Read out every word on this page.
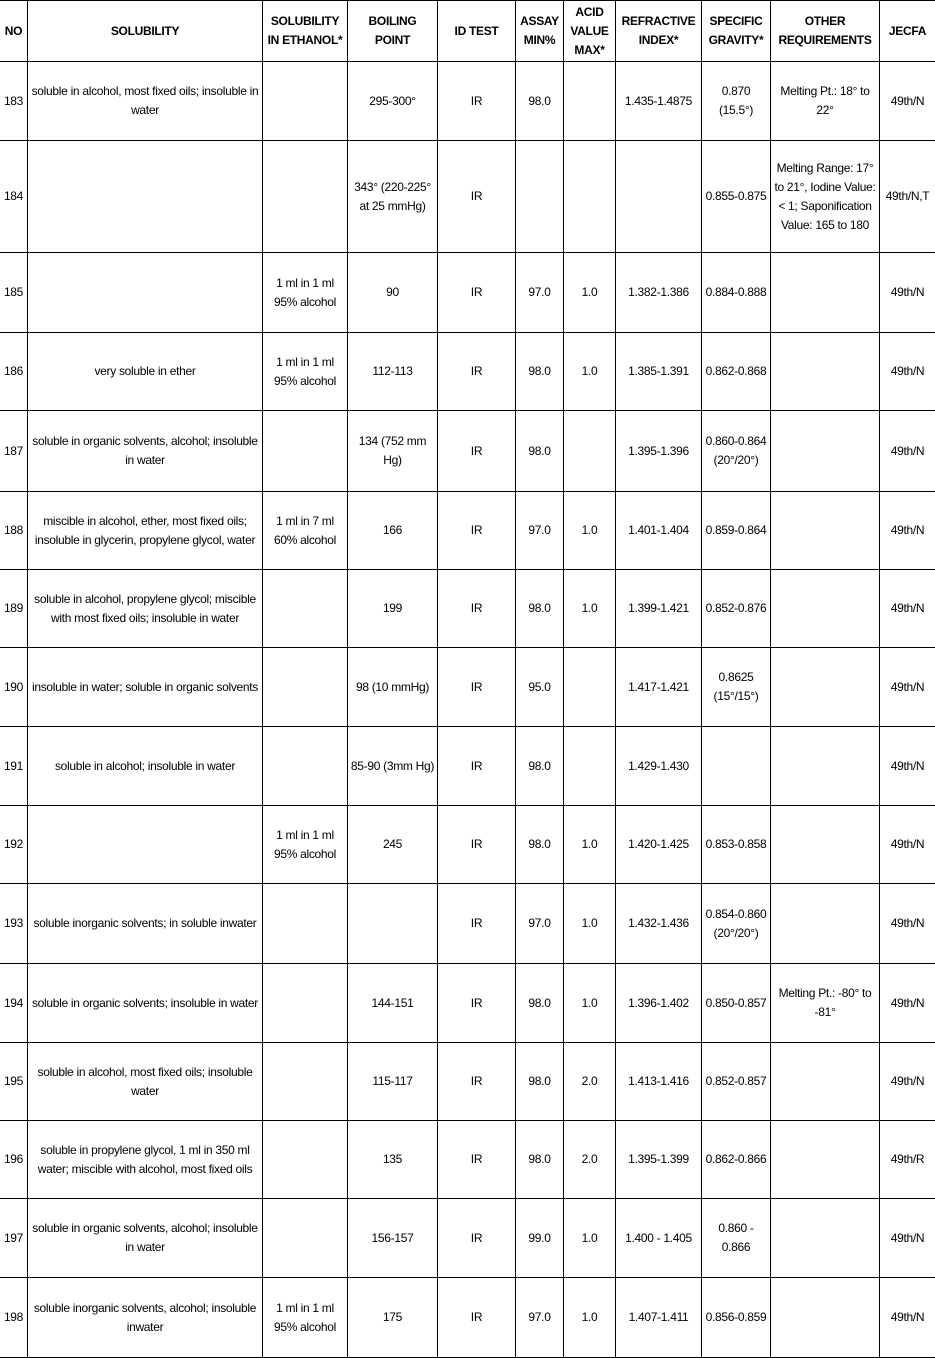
NO	SOLUBILITY	SOLUBILITY IN ETHANOL*	BOILING POINT	ID TEST	ASSAY MIN%	ACID VALUE MAX*	REFRACTIVE INDEX*	SPECIFIC GRAVITY*	OTHER REQUIREMENTS	JECFA
183	soluble in alcohol, most fixed oils; insoluble in water		295-300°	IR	98.0		1.435-1.4875	0.870 (15.5°)	Melting Pt.: 18° to 22°	49th/N
184			343° (220-225° at 25 mmHg)	IR				0.855-0.875	Melting Range: 17° to 21°, Iodine Value: < 1; Saponification Value: 165 to 180	49th/N,T
185		1 ml in 1 ml 95% alcohol	90	IR	97.0	1.0	1.382-1.386	0.884-0.888		49th/N
186	very soluble in ether	1 ml in 1 ml 95% alcohol	112-113	IR	98.0	1.0	1.385-1.391	0.862-0.868		49th/N
187	soluble in organic solvents, alcohol; insoluble in water		134 (752 mm Hg)	IR	98.0		1.395-1.396	0.860-0.864 (20°/20°)		49th/N
188	miscible in alcohol, ether, most fixed oils; insoluble in glycerin, propylene glycol, water	1 ml in 7 ml 60% alcohol	166	IR	97.0	1.0	1.401-1.404	0.859-0.864		49th/N
189	soluble in alcohol, propylene glycol; miscible with most fixed oils; insoluble in water		199	IR	98.0	1.0	1.399-1.421	0.852-0.876		49th/N
190	insoluble in water; soluble in organic solvents		98 (10 mmHg)	IR	95.0		1.417-1.421	0.8625 (15°/15°)		49th/N
191	soluble in alcohol; insoluble in water		85-90 (3mm Hg)	IR	98.0		1.429-1.430			49th/N
192		1 ml in 1 ml 95% alcohol	245	IR	98.0	1.0	1.420-1.425	0.853-0.858		49th/N
193	soluble inorganic solvents; in soluble inwater			IR	97.0	1.0	1.432-1.436	0.854-0.860 (20°/20°)		49th/N
194	soluble in organic solvents; insoluble in water		144-151	IR	98.0	1.0	1.396-1.402	0.850-0.857	Melting Pt.: -80° to -81°	49th/N
195	soluble in alcohol, most fixed oils; insoluble water		115-117	IR	98.0	2.0	1.413-1.416	0.852-0.857		49th/N
196	soluble in propylene glycol, 1 ml in 350 ml water; miscible with alcohol, most fixed oils		135	IR	98.0	2.0	1.395-1.399	0.862-0.866		49th/R
197	soluble in organic solvents, alcohol; insoluble in water		156-157	IR	99.0	1.0	1.400 - 1.405	0.860 - 0.866		49th/N
198	soluble inorganic solvents, alcohol; insoluble inwater	1 ml in 1 ml 95% alcohol	175	IR	97.0	1.0	1.407-1.411	0.856-0.859		49th/N
